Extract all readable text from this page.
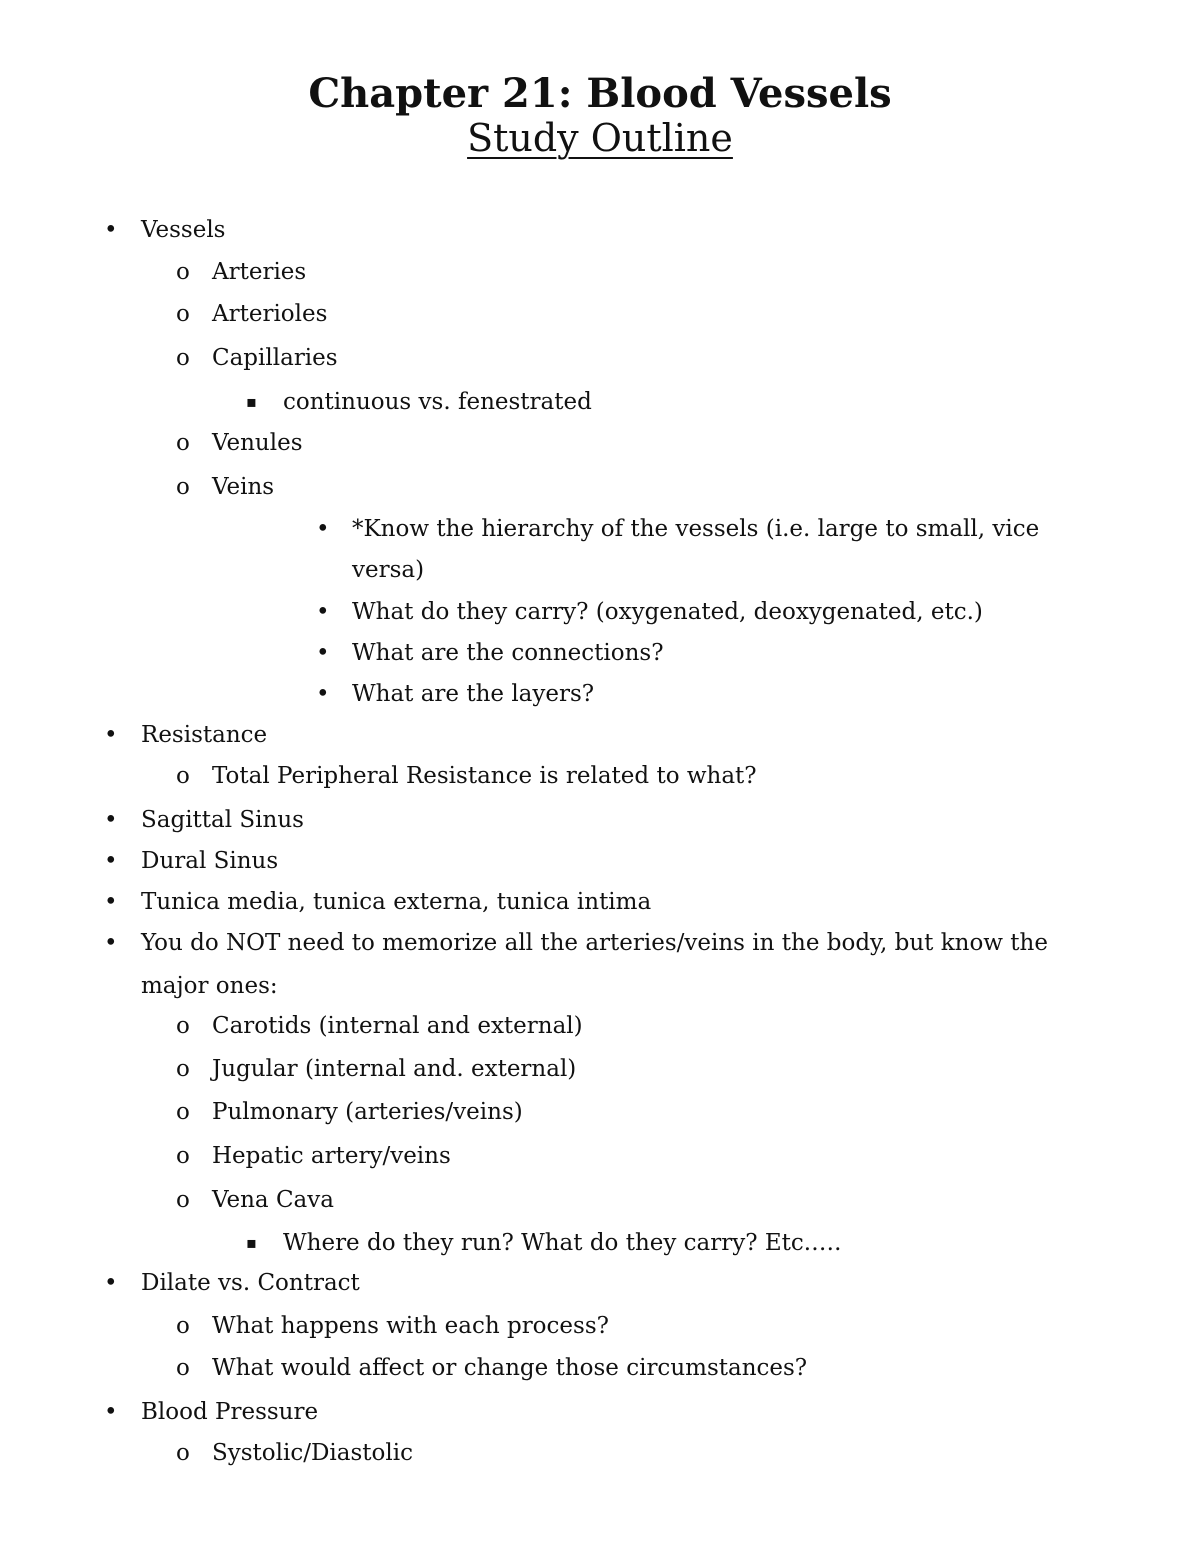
Chapter 21: Blood Vessels
Study Outline
• Vessels
o Arteries
o Arterioles
o Capillaries
▪ continuous vs. fenestrated
o Venules
o Veins
• *Know the hierarchy of the vessels (i.e. large to small, vice
versa)
• What do they carry? (oxygenated, deoxygenated, etc.)
• What are the connections?
• What are the layers?
• Resistance
o Total Peripheral Resistance is related to what?
• Sagittal Sinus
• Dural Sinus
• Tunica media, tunica externa, tunica intima
• You do NOT need to memorize all the arteries/veins in the body, but know the
major ones:
o Carotids (internal and external)
o Jugular (internal and. external)
o Pulmonary (arteries/veins)
o Hepatic artery/veins
o Vena Cava
▪ Where do they run? What do they carry? Etc.….
• Dilate vs. Contract
o What happens with each process?
o What would affect or change those circumstances?
• Blood Pressure
o Systolic/Diastolic
